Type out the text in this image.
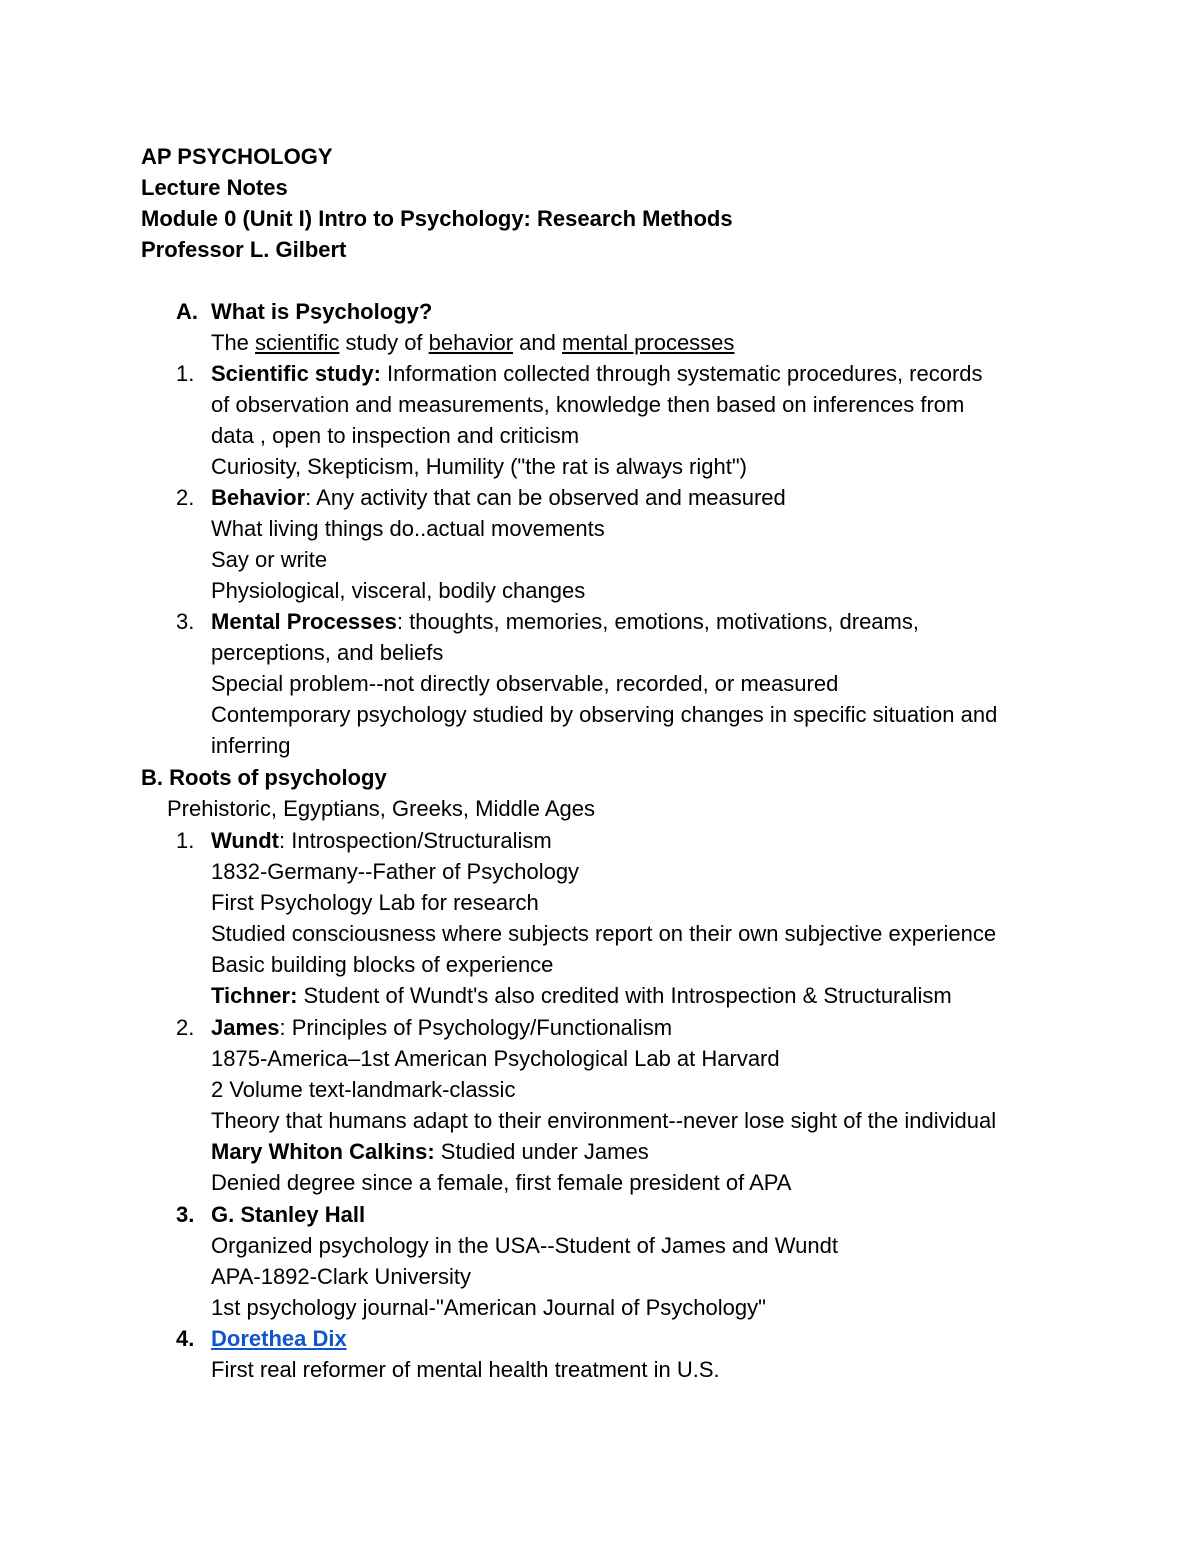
AP PSYCHOLOGY
Lecture Notes
Module 0 (Unit I) Intro to Psychology: Research Methods
Professor L. Gilbert
A. What is Psychology?
The scientific study of behavior and mental processes
1. Scientific study: Information collected through systematic procedures, records
of observation and measurements, knowledge then based on inferences from
data , open to inspection and criticism
Curiosity, Skepticism, Humility ("the rat is always right")
2. Behavior: Any activity that can be observed and measured
What living things do..actual movements
Say or write
Physiological, visceral, bodily changes
3. Mental Processes: thoughts, memories, emotions, motivations, dreams,
perceptions, and beliefs
Special problem--not directly observable, recorded, or measured
Contemporary psychology studied by observing changes in specific situation and
inferring
B. Roots of psychology
Prehistoric, Egyptians, Greeks, Middle Ages
1. Wundt: Introspection/Structuralism
1832-Germany--Father of Psychology
First Psychology Lab for research
Studied consciousness where subjects report on their own subjective experience
Basic building blocks of experience
Tichner: Student of Wundt's also credited with Introspection & Structuralism
2. James: Principles of Psychology/Functionalism
1875-America–1st American Psychological Lab at Harvard
2 Volume text-landmark-classic
Theory that humans adapt to their environment--never lose sight of the individual
Mary Whiton Calkins: Studied under James
Denied degree since a female, first female president of APA
3. G. Stanley Hall
Organized psychology in the USA--Student of James and Wundt
APA-1892-Clark University
1st psychology journal-"American Journal of Psychology"
4. Dorethea Dix
First real reformer of mental health treatment in U.S.
